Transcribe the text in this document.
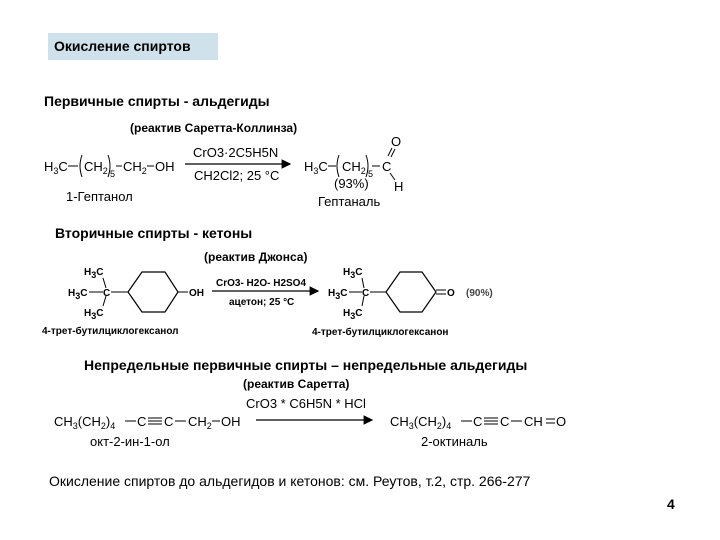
Окисление спиртов
Первичные спирты - альдегиды
(реактив Саретта-Коллинза)
Вторичные спирты - кетоны
(реактив Джонса)
Непредельные первичные спирты – непредельные альдегиды
(реактив Саретта)
Окисление спиртов до альдегидов и кетонов: см. Реутов, т.2, стр. 266-277
4
$H_3C$ $CH_2$ 5 $CH_2$ OH
1-Гептанол
CrO3·2C5H5N
CH2Cl2; 25 °C
$H_3C$ $CH_2$ 5 C
O
H
(93%)
Гептаналь
H3C
H3C
H3C
C	OH
4-трет-бутилциклогексанол
CrO3- H2O- H2SO4
ацетон; 25 °C
H3C
H3C
H3C
C	O (90%)
4-трет-бутилциклогексанон
$CH_3(CH_2)_4$ C C $CH_2$ OH
окт-2-ин-1-ол
CrO3 * C6H5N * HCl
$CH_3(CH_2)_4$ C C CH O
2-октиналь
